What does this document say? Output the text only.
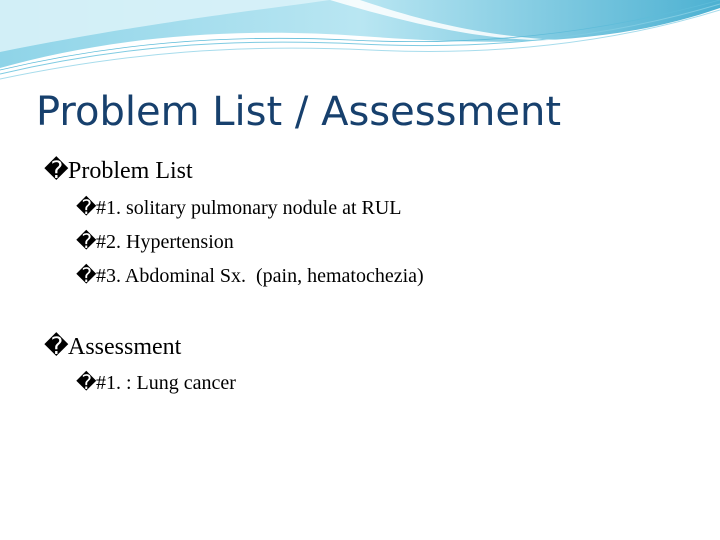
Problem List / Assessment
�Problem List
�#1. solitary pulmonary nodule at RUL
�#2. Hypertension
�#3. Abdominal Sx.  (pain, hematochezia)
�Assessment
�#1. : Lung cancer
